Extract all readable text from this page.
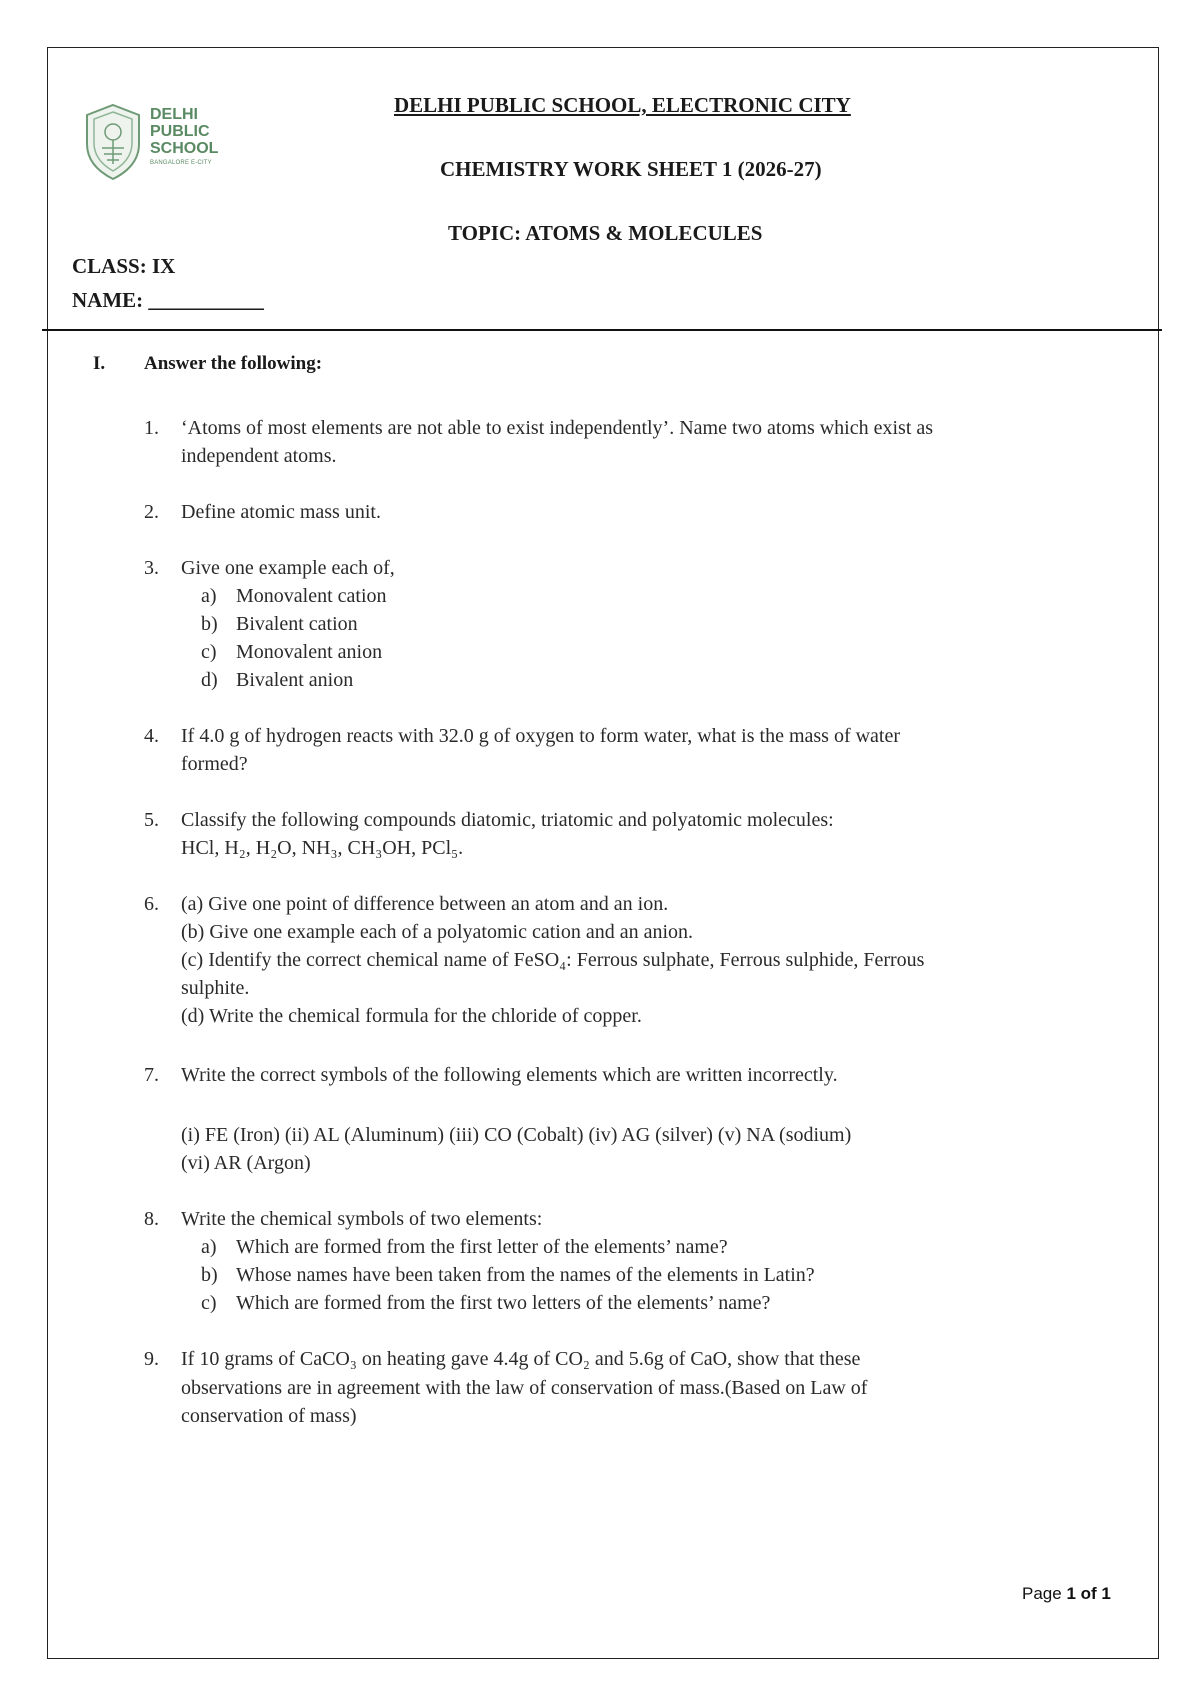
DELHI
PUBLIC
SCHOOL
BANGALORE E-CITY
DELHI PUBLIC SCHOOL, ELECTRONIC CITY
CHEMISTRY WORK SHEET 1 (2026-27)
TOPIC: ATOMS & MOLECULES
CLASS: IX
NAME: ___________
I. Answer the following:
1. ‘Atoms of most elements are not able to exist independently’. Name two atoms which exist as
independent atoms.
2. Define atomic mass unit.
3. Give one example each of,
a) Monovalent cation
b) Bivalent cation
c) Monovalent anion
d) Bivalent anion
4. If 4.0 g of hydrogen reacts with 32.0 g of oxygen to form water, what is the mass of water
formed?
5. Classify the following compounds diatomic, triatomic and polyatomic molecules:
HCl, H₂, H₂O, NH₃, CH₃OH, PCl₅.
6. (a) Give one point of difference between an atom and an ion.
(b) Give one example each of a polyatomic cation and an anion.
(c) Identify the correct chemical name of FeSO₄: Ferrous sulphate, Ferrous sulphide, Ferrous
sulphite.
(d) Write the chemical formula for the chloride of copper.
7. Write the correct symbols of the following elements which are written incorrectly.
(i) FE (Iron) (ii) AL (Aluminum) (iii) CO (Cobalt) (iv) AG (silver) (v) NA (sodium)
(vi) AR (Argon)
8. Write the chemical symbols of two elements:
a) Which are formed from the first letter of the elements’ name?
b) Whose names have been taken from the names of the elements in Latin?
c) Which are formed from the first two letters of the elements’ name?
9. If 10 grams of CaCO₃ on heating gave 4.4g of CO₂ and 5.6g of CaO, show that these
observations are in agreement with the law of conservation of mass.(Based on Law of
conservation of mass)
Page 1 of 1
